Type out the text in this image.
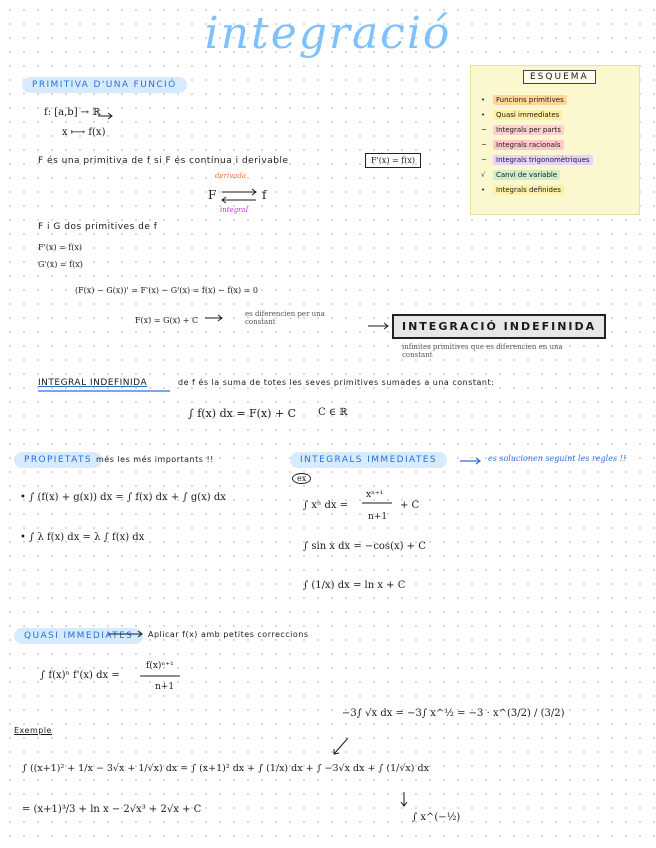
integració
PRIMITIVA D'UNA FUNCIÓ
f: [a,b] → ℝ
x ⟼ f(x)
F és una primitiva de f si F és contínua i derivable	F'(x) = f(x)
derivada
F	f
integral
F i G dos primitives de f
F'(x) = f(x)
G'(x) = f(x)
(F(x) − G(x))' = F'(x) − G'(x) = f(x) − f(x) = 0
F(x) = G(x) + C
es diferencien per una constant	INTEGRACIÓ INDEFINIDA
infinites primitives que es diferencien en una constant
INTEGRAL INDEFINIDA	de f és la suma de totes les seves primitives sumades a una constant:
∫ f(x) dx = F(x) + C C ∈ ℝ
PROPIETATS més les més importants !!
• ∫ (f(x) + g(x)) dx = ∫ f(x) dx + ∫ g(x) dx
• ∫ λ f(x) dx = λ ∫ f(x) dx
INTEGRALS IMMEDIATES	es solucionen seguint les regles !!
ex
∫ xⁿ dx =
xⁿ⁺¹
n+1
+ C
∫ sin x dx = −cos(x) + C
∫ (1/x) dx = ln x + C
QUASI IMMEDIATES	Aplicar f(x) amb petites correccions
∫ f(x)ⁿ f'(x) dx =
f(x)ⁿ⁺¹
n+1
Exemple
−3∫ √x dx = −3∫ x^½ = −3 · x^(3/2) / (3/2)
∫ ((x+1)² + 1/x − 3√x + 1/√x) dx = ∫ (x+1)² dx + ∫ (1/x) dx + ∫ −3√x dx + ∫ (1/√x) dx
= (x+1)³/3 + ln x − 2√x³ + 2√x + C
∫ x^(−½)
ESQUEMA
• Funcions primitives
• Quasi immediates
~ Integrals per parts
~ Integrals racionals
~ Integrals trigonomètriques
√ Canvi de variable
• Integrals definides
